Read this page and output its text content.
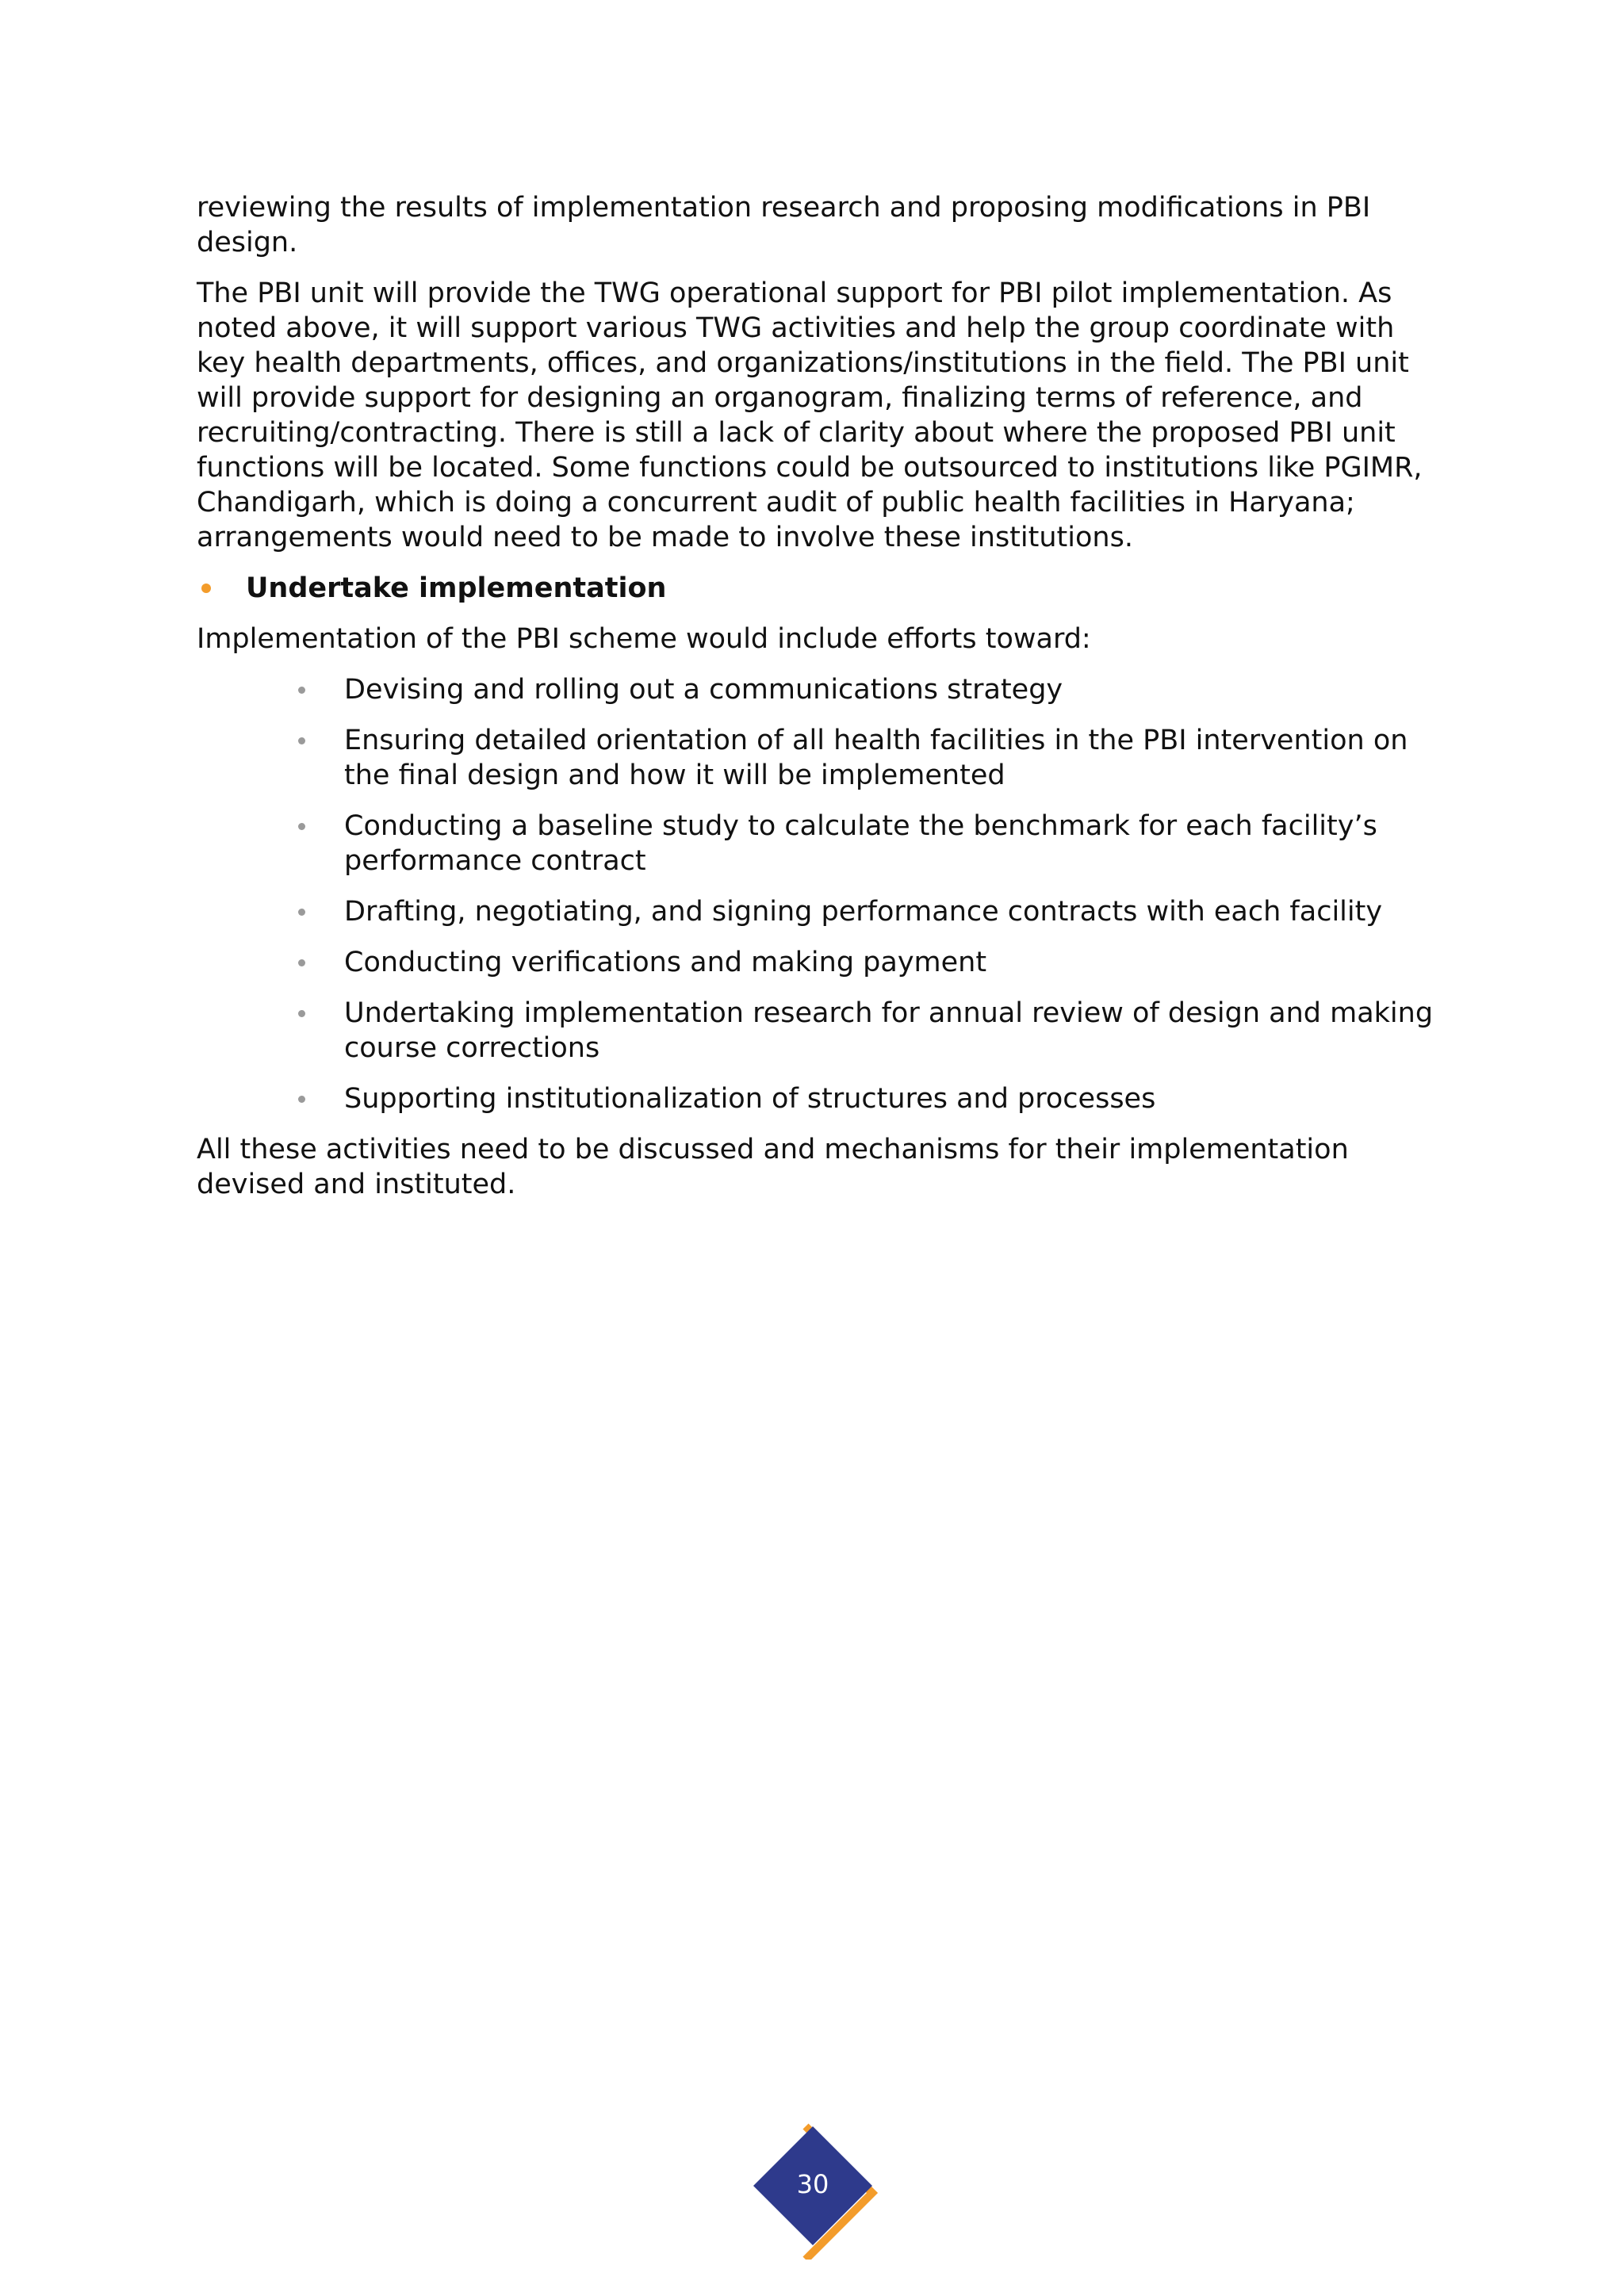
reviewing the results of implementation research and proposing modifications in PBI design.

The PBI unit will provide the TWG operational support for PBI pilot implementation. As noted above, it will support various TWG activities and help the group coordinate with key health departments, offices, and organizations/institutions in the field. The PBI unit will provide support for designing an organogram, finalizing terms of reference, and recruiting/contracting. There is still a lack of clarity about where the proposed PBI unit functions will be located. Some functions could be outsourced to institutions like PGIMR, Chandigarh, which is doing a concurrent audit of public health facilities in Haryana; arrangements would need to be made to involve these institutions.

Undertake implementation

Implementation of the PBI scheme would include efforts toward:

Devising and rolling out a communications strategy
Ensuring detailed orientation of all health facilities in the PBI intervention on the final design and how it will be implemented
Conducting a baseline study to calculate the benchmark for each facility’s performance contract
Drafting, negotiating, and signing performance contracts with each facility
Conducting verifications and making payment
Undertaking implementation research for annual review of design and making course corrections
Supporting institutionalization of structures and processes

All these activities need to be discussed and mechanisms for their implementation devised and instituted.

30
